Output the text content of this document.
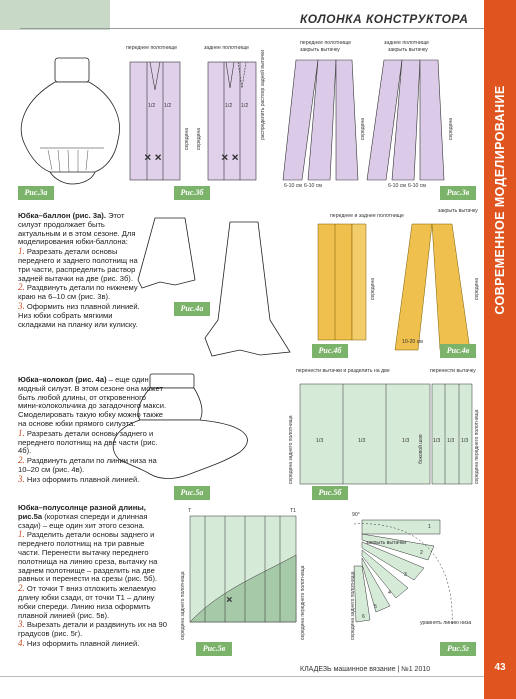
КОЛОНКА КОНСТРУКТОРА
СОВРЕМЕННОЕ МОДЕЛИРОВАНИЕ
× ×	× ×
×
Рис.3а	Рис.3б	Рис.3в
Рис.4а
Рис.4б	Рис.4в
Рис.5а	Рис.5б
Рис.5в	Рис.5г
переднее полотнище	заднее полотнище
1/2 1/2	1/2 1/2
середина середина	распределить раствор задней вытачки
переднее полотнище
закрыть вытачку
заднее полотнище
закрыть вытачку
6-10 см 6-10 см	6-10 см 6-10 см
середина	середина
переднее и заднее полотнище
закрыть вытачку
10-20 см
середина	середина
перенести вытачки и разделить на две	перенести вытачку
1/3	1/3	1/3	1/3 1/3 1/3
середина заднего полотнища	боковой шов	середина переднего полотнища
Т	Т1
середина заднего полотнища	середина переднего полотнища
90°
закрыть вытачки
уравнять линию низа
середина заднего полотнища
1
2
3
4
5
6

Юбка–баллон (рис. 3а). Этот силуэт продолжает быть актуальным и в этом сезоне. Для моделирования юбки-баллона:

1. Разрезать детали основы переднего и заднего полотнищ на три части, распределить раствор задней вытачки на две (рис. 3б).

2. Раздвинуть детали по нижнему краю на 6–10 см (рис. 3в).

3. Оформить низ плавной линией. Низ юбки собрать мягкими складками на планку или кулиску.

Юбка–колокол (рис. 4а) – еще один модный силуэт. В этом сезоне она может быть любой длины, от откровенного мини-колокольчика до загадочного макси.

Смоделировать такую юбку можно также на основе юбки прямого силуэта.

1. Разрезать детали основы заднего и переднего полотнищ на две части (рис. 4б).

2. Раздвинуть детали по линии низа на 10–20 см (рис. 4в).

3. Низ оформить плавной линией.

Юбка–полусолнце разной длины, рис.5а (короткая спереди и длинная сзади) – еще один хит этого сезона.

1. Разделить детали основы заднего и переднего полотнищ на три равные части. Перенести вытачку переднего полотнища на линию среза, вытачку на заднем полотнище – разделить на две равных и перенести на срезы (рис. 5б).

2. От точки Т вниз отложить желаемую длину юбки сзади, от точки Т1 – длину юбки спереди. Линию низа оформить плавной линией (рис. 5в).

3. Вырезать детали и раздвинуть их на 90 градусов (рис. 5г).

4. Низ оформить плавной линией.

КЛАДЕЗЬ машинное вязание | №1 2010	43
